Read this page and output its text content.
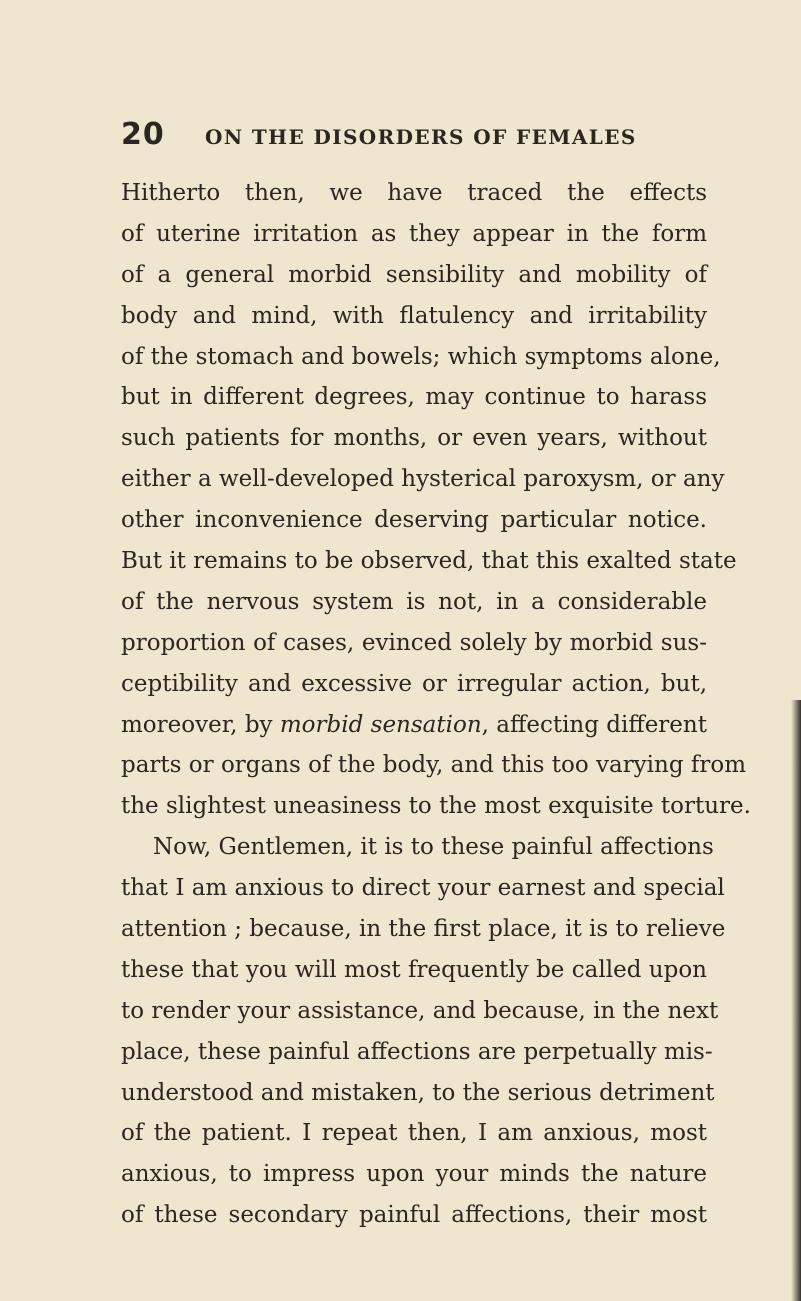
20 ON THE DISORDERS OF FEMALES
Hitherto then, we have traced the effects
of uterine irritation as they appear in the form
of a general morbid sensibility and mobility of
body and mind, with flatulency and irritability
of the stomach and bowels; which symptoms alone,
but in different degrees, may continue to harass
such patients for months, or even years, without
either a well-developed hysterical paroxysm, or any
other inconvenience deserving particular notice.
But it remains to be observed, that this exalted state
of the nervous system is not, in a considerable
proportion of cases, evinced solely by morbid sus-
ceptibility and excessive or irregular action, but,
moreover, by morbid sensation, affecting different
parts or organs of the body, and this too varying from
the slightest uneasiness to the most exquisite torture.
Now, Gentlemen, it is to these painful affections
that I am anxious to direct your earnest and special
attention ; because, in the first place, it is to relieve
these that you will most frequently be called upon
to render your assistance, and because, in the next
place, these painful affections are perpetually mis-
understood and mistaken, to the serious detriment
of the patient. I repeat then, I am anxious, most
anxious, to impress upon your minds the nature
of these secondary painful affections, their most
